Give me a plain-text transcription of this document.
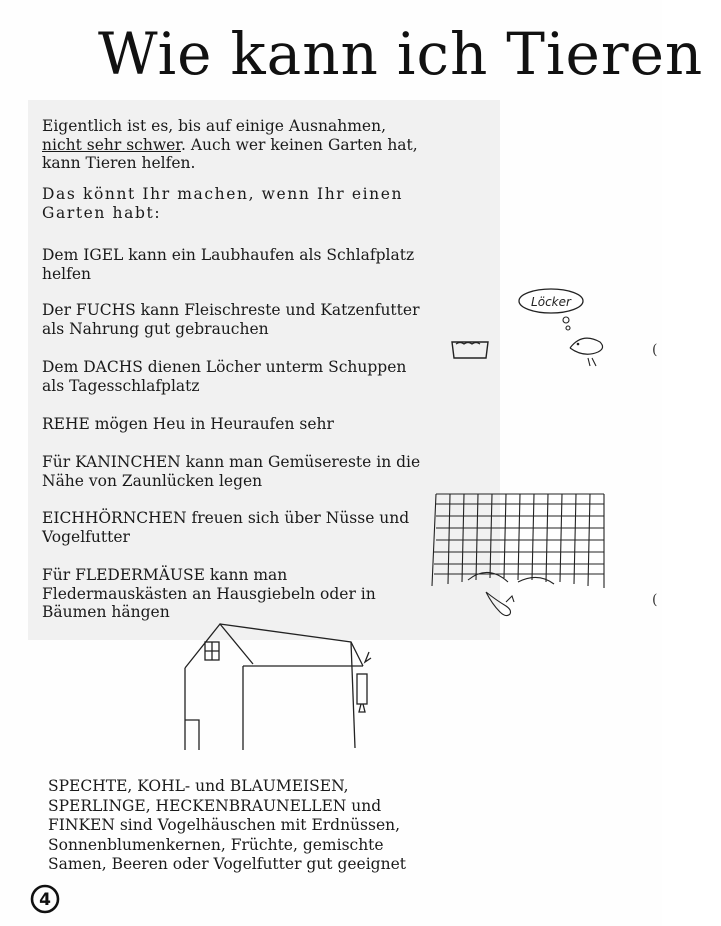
Wie kann ich Tieren
Eigentlich ist es, bis auf einige Ausnahmen,
nicht sehr schwer. Auch wer keinen Garten hat,
kann Tieren helfen.
Das könnt Ihr machen, wenn Ihr einen
Garten habt:
Dem IGEL kann ein Laubhaufen als Schlafplatz helfen
Der FUCHS kann Fleischreste und Katzenfutter als Nahrung gut gebrauchen
Dem DACHS dienen Löcher unterm Schuppen als Tagesschlafplatz
REHE mögen Heu in Heuraufen sehr
Für KANINCHEN kann man Gemüsereste in die Nähe von Zaunlücken legen
EICHHÖRNCHEN freuen sich über Nüsse und Vogelfutter
Für FLEDERMÄUSE kann man Fledermauskästen an Hausgiebeln oder in Bäumen hängen
Löcker
SPECHTE, KOHL- und BLAUMEISEN,
SPERLINGE, HECKENBRAUNELLEN und
FINKEN sind Vogelhäuschen mit Erdnüssen,
Sonnenblumenkernen, Früchte, gemischte
Samen, Beeren oder Vogelfutter gut geeignet
4
(
(
